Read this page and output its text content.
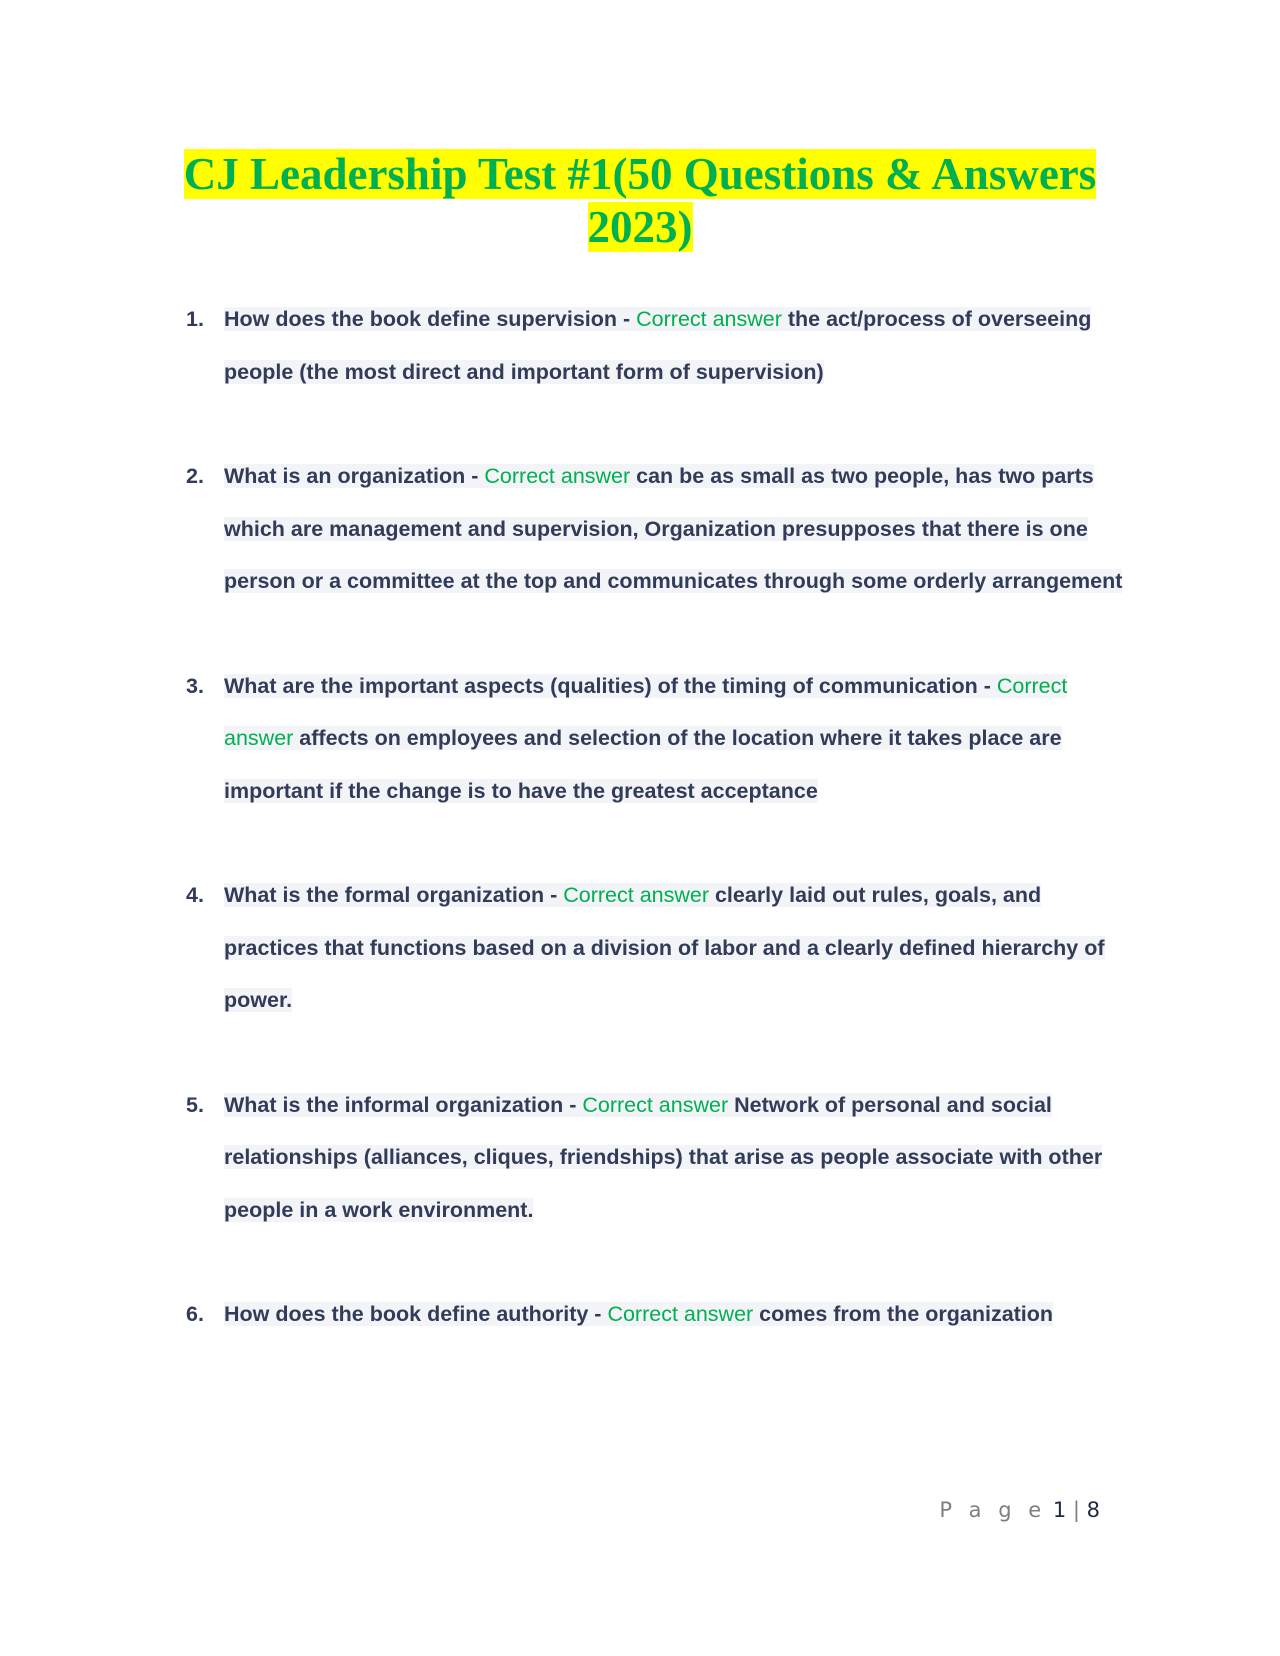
CJ Leadership Test #1(50 Questions & Answers 2023)
1. How does the book define supervision - Correct answer the act/process of overseeing people (the most direct and important form of supervision)
2. What is an organization - Correct answer can be as small as two people, has two parts which are management and supervision, Organization presupposes that there is one person or a committee at the top and communicates through some orderly arrangement
3. What are the important aspects (qualities) of the timing of communication - Correct answer affects on employees and selection of the location where it takes place are important if the change is to have the greatest acceptance
4. What is the formal organization - Correct answer clearly laid out rules, goals, and practices that functions based on a division of labor and a clearly defined hierarchy of power.
5. What is the informal organization - Correct answer Network of personal and social relationships (alliances, cliques, friendships) that arise as people associate with other people in a work environment.
6. How does the book define authority - Correct answer comes from the organization
P a g e 1 | 8
